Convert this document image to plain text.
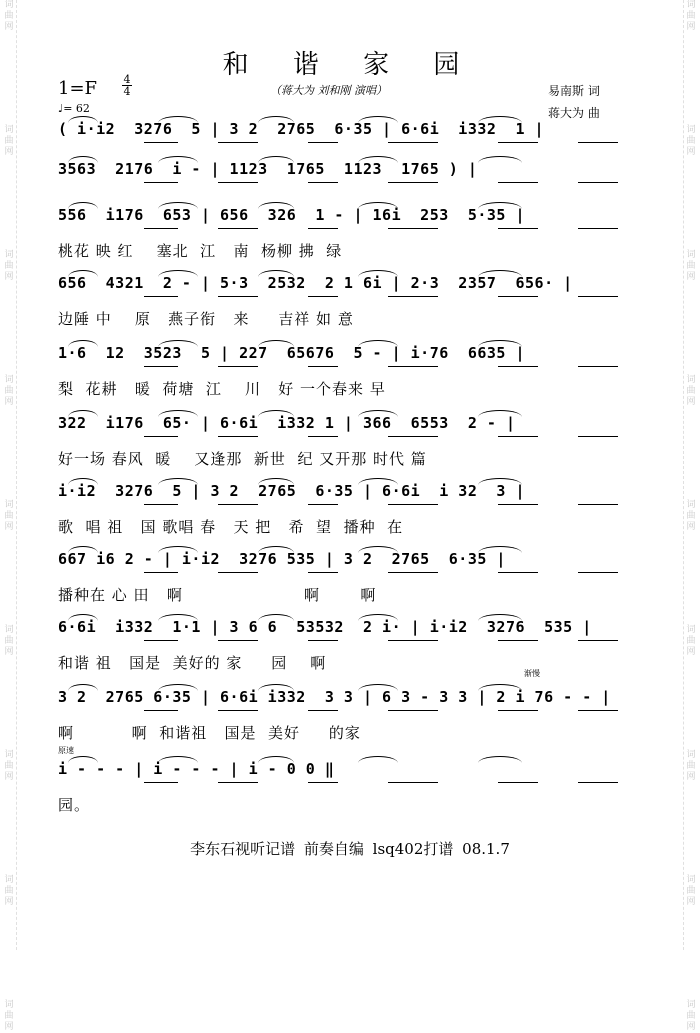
词
曲
网
词
曲
网
词
曲
网
词
曲
网
词
曲
网
词
曲
网
词
曲
网
词
曲
网
词
曲
网
词
曲
网
词
曲
网
词
曲
网
词
曲
网
词
曲
网
词
曲
网
词
曲
网
词
曲
网
词
曲
网
和 谐 家 园
1=F 4
4	（蒋大为 刘和刚 演唱）	易南斯 词
♩= 62	蒋大为 曲
( i·i2  3276  5 | 3 2  2765  6·35 | 6·6i  i332  1 |
3563  2176  i - | 1123  1765  1123  1765 ) |
556  i176  653 | 656  326  1 - | 16i  253  5·35 |
桃花 映 红    塞北  江   南  杨柳 拂  绿
656  4321  2 - | 5·3  2532  2 1 6i | 2·3  2357  656· |
边陲 中    原   燕子衔   来     吉祥 如 意
1·6  12  3523  5 | 227  65676  5 - | i·76  6635 |
梨  花耕   暖  荷塘  江    川   好 一个春来 早
322  i176  65· | 6·6i  i332 1 | 366  6553  2 - |
好一场 春风  暖    又逢那  新世  纪 又开那 时代 篇
i·i2  3276  5 | 3 2  2765  6·35 | 6·6i  i 32  3 |
歌  唱 祖   国 歌唱 春   天 把   希  望  播种  在
667 i6 2 - | i·i2  3276 535 | 3 2  2765  6·35 |
播种在 心 田   啊                     啊       啊
6·6i  i332  1·1 | 3 6 6  53532  2 i· | i·i2  3276  535 |
和谐 祖   国是  美好的 家     园    啊
3 2  2765 6·35 | 6·6i i332  3 3 | 6 3 - 3 3 | 2 i 76 - - |
啊          啊  和谐祖   国是  美好     的家
i - - - | i - - - | i - 0 0 ‖
园。
渐慢
原速
李东石视听记谱 前奏自编 lsq402打谱 08.1.7
